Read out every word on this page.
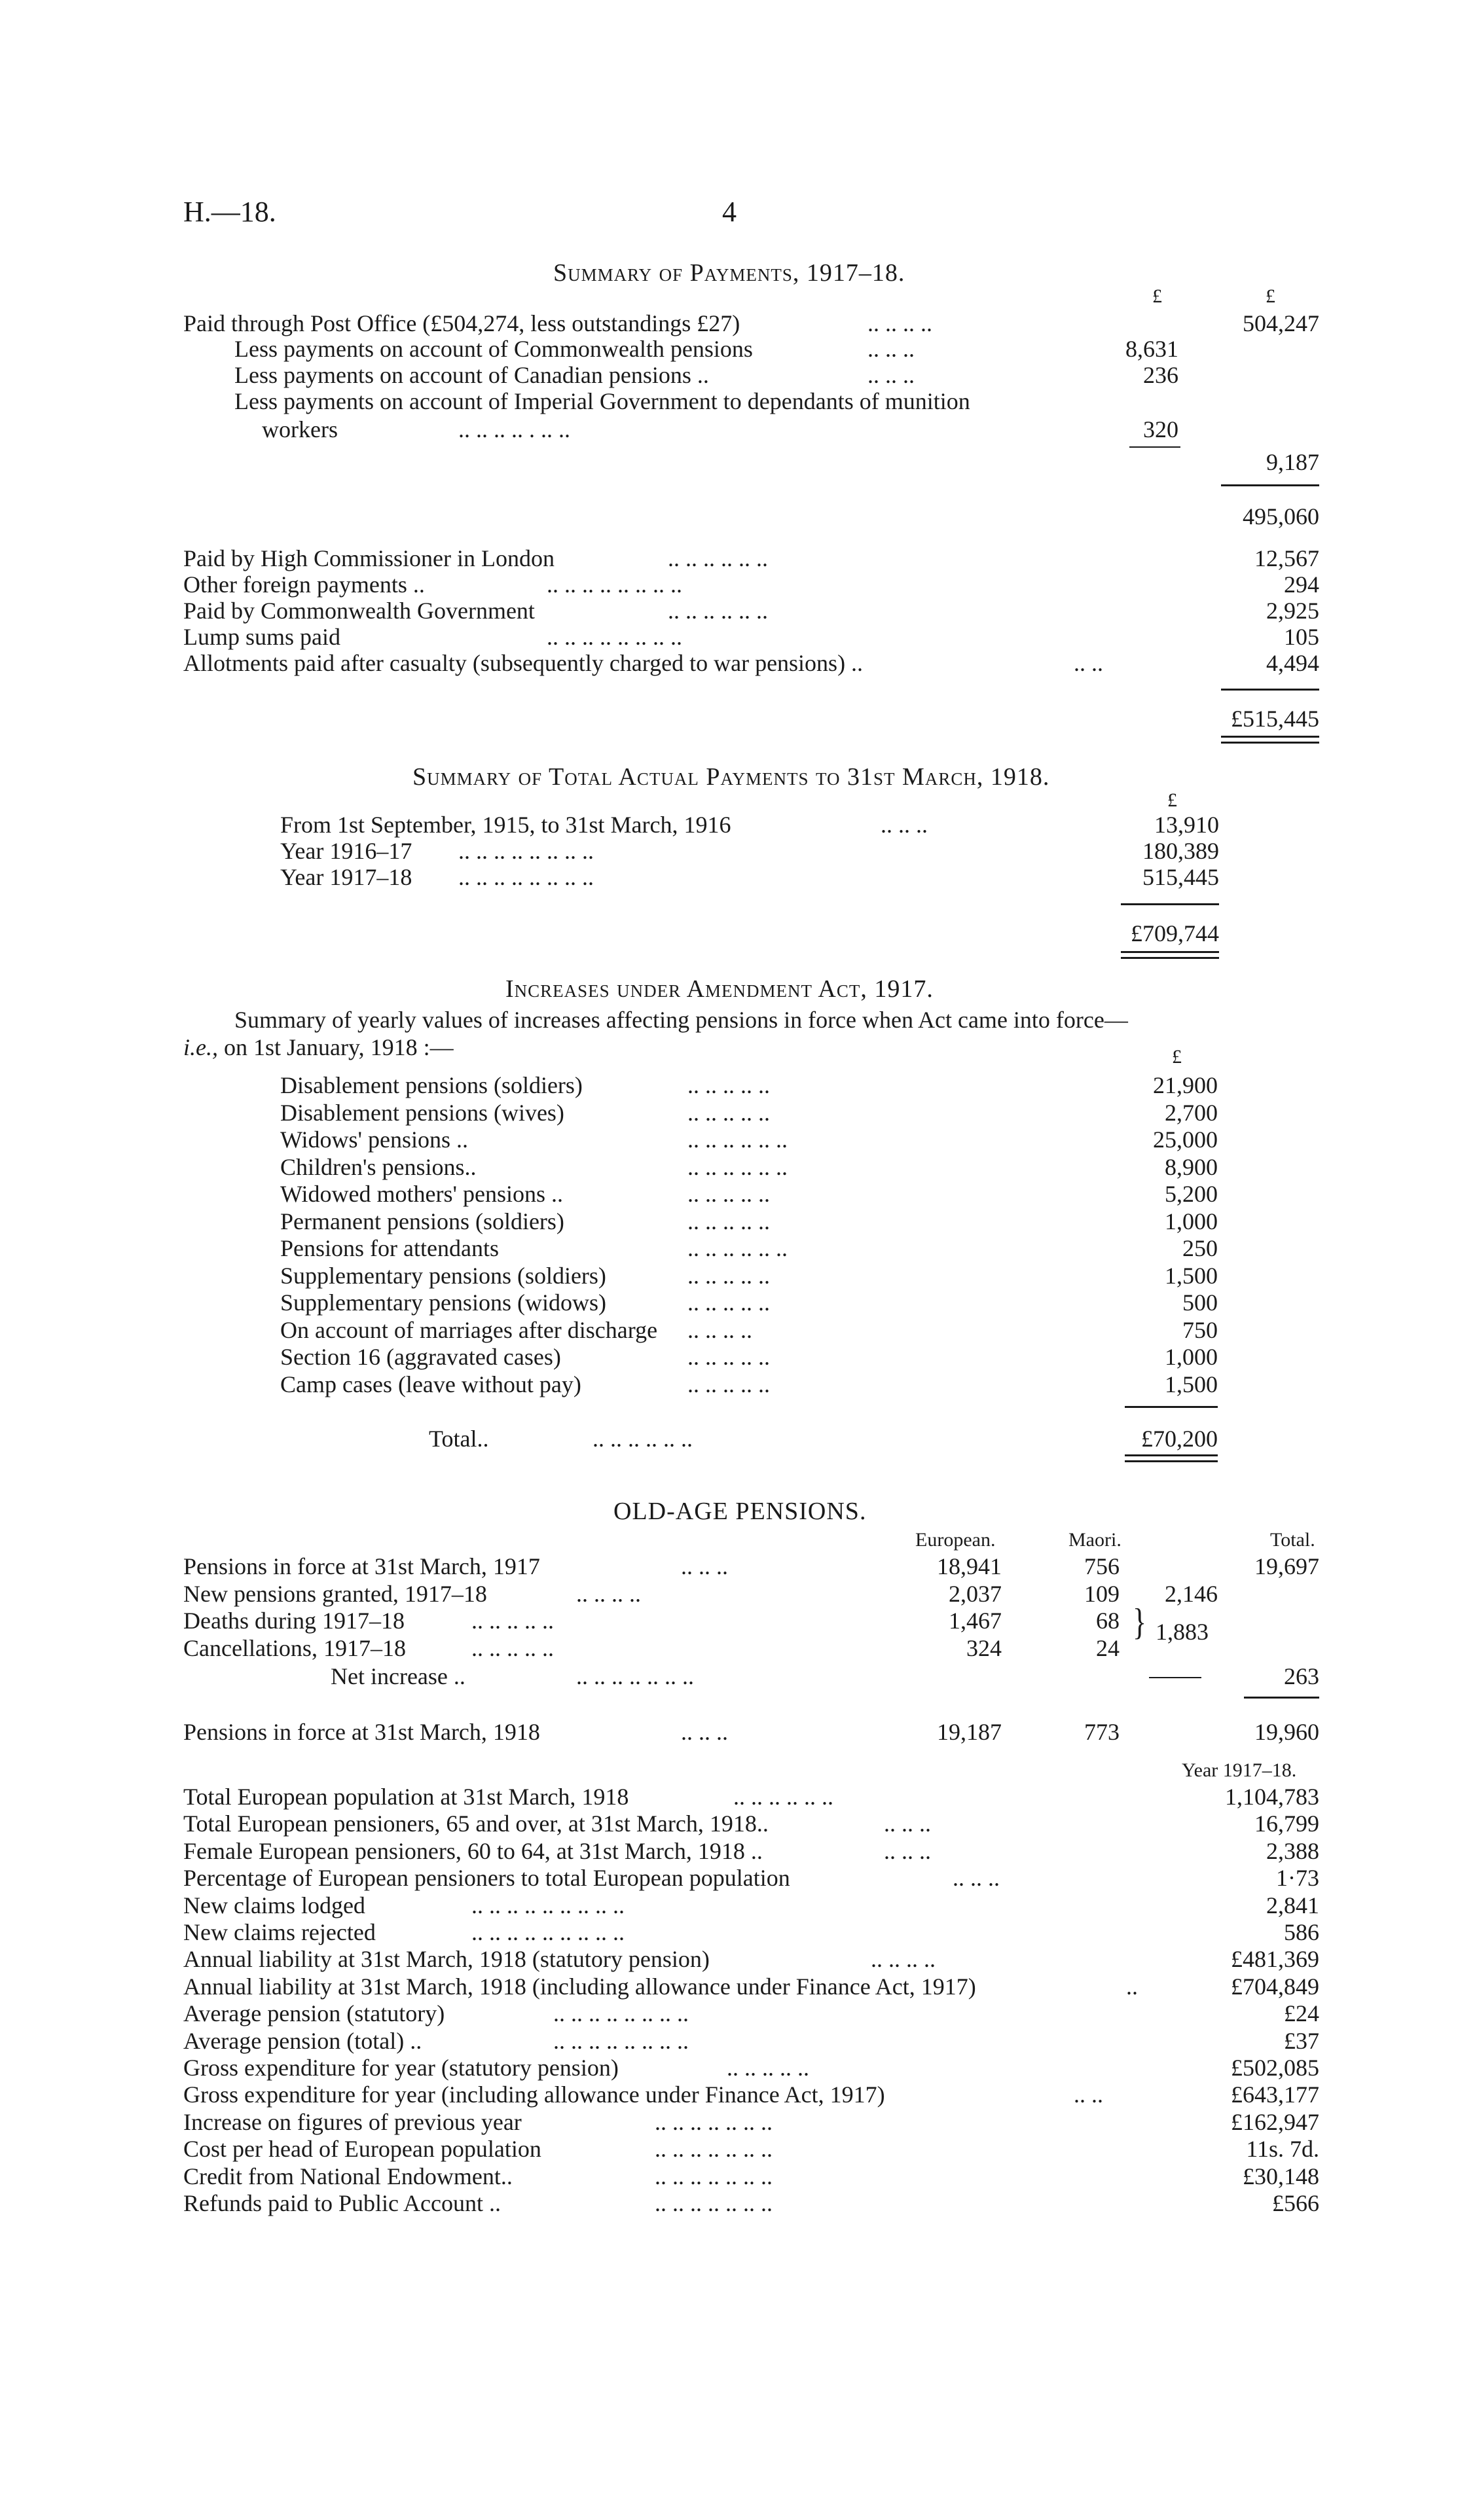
H.—18.	4
Summary of Payments, 1917–18.
£	£
Paid through Post Office (£504,274, less outstandings £27)	.. .. .. ..	504,247
Less payments on account of Commonwealth pensions	.. .. ..	8,631
Less payments on account of Canadian pensions ..	.. .. ..	236
Less payments on account of Imperial Government to dependants of munition
workers	.. .. .. .. . .. ..	320
9,187
495,060
Paid by High Commissioner in London	.. .. .. .. .. ..	12,567
Other foreign payments ..	.. .. .. .. .. .. .. ..	294
Paid by Commonwealth Government	.. .. .. .. .. ..	2,925
Lump sums paid	.. .. .. .. .. .. .. ..	105
Allotments paid after casualty (subsequently charged to war pensions) ..	.. ..	4,494
£515,445
Summary of Total Actual Payments to 31st March, 1918.
£
From 1st September, 1915, to 31st March, 1916	.. .. ..	13,910
Year 1916–17 .. .. .. .. .. .. .. ..	180,389
Year 1917–18 .. .. .. .. .. .. .. ..	515,445
£709,744
Increases under Amendment Act, 1917.
Summary of yearly values of increases affecting pensions in force when Act came into force—
i.e., on 1st January, 1918 :—	£
Disablement pensions (soldiers)	.. .. .. .. ..	21,900
Disablement pensions (wives)	.. .. .. .. ..	2,700
Widows' pensions ..	.. .. .. .. .. ..	25,000
Children's pensions..	.. .. .. .. .. ..	8,900
Widowed mothers' pensions ..	.. .. .. .. ..	5,200
Permanent pensions (soldiers)	.. .. .. .. ..	1,000
Pensions for attendants	.. .. .. .. .. ..	250
Supplementary pensions (soldiers)	.. .. .. .. ..	1,500
Supplementary pensions (widows)	.. .. .. .. ..	500
On account of marriages after discharge .. .. .. ..	750
Section 16 (aggravated cases)	.. .. .. .. ..	1,000
Camp cases (leave without pay)	.. .. .. .. ..	1,500
Total..	.. .. .. .. .. ..	£70,200
OLD-AGE PENSIONS.
European.	Maori.	Total.
Pensions in force at 31st March, 1917	.. .. ..	18,941	756	19,697
New pensions granted, 1917–18	.. .. .. ..	2,037	109	2,146
Deaths during 1917–18	.. .. .. .. ..	1,467	68
Cancellations, 1917–18	.. .. .. .. ..	324	24
} 1,883
Net increase ..	.. .. .. .. .. .. ..	263
Pensions in force at 31st March, 1918	.. .. ..	19,187	773	19,960
Year 1917–18.
Total European population at 31st March, 1918	.. .. .. .. .. ..	1,104,783
Total European pensioners, 65 and over, at 31st March, 1918..	.. .. ..	16,799
Female European pensioners, 60 to 64, at 31st March, 1918 ..	.. .. ..	2,388
Percentage of European pensioners to total European population	.. .. ..	1·73
New claims lodged	.. .. .. .. .. .. .. .. ..	2,841
New claims rejected	.. .. .. .. .. .. .. .. ..	586
Annual liability at 31st March, 1918 (statutory pension)	.. .. .. ..	£481,369
Annual liability at 31st March, 1918 (including allowance under Finance Act, 1917)	..	£704,849
Average pension (statutory)	.. .. .. .. .. .. .. ..	£24
Average pension (total) ..	.. .. .. .. .. .. .. ..	£37
Gross expenditure for year (statutory pension)	.. .. .. .. ..	£502,085
Gross expenditure for year (including allowance under Finance Act, 1917)	.. ..	£643,177
Increase on figures of previous year	.. .. .. .. .. .. ..	£162,947
Cost per head of European population	.. .. .. .. .. .. ..	11s. 7d.
Credit from National Endowment..	.. .. .. .. .. .. ..	£30,148
Refunds paid to Public Account ..	.. .. .. .. .. .. ..	£566
